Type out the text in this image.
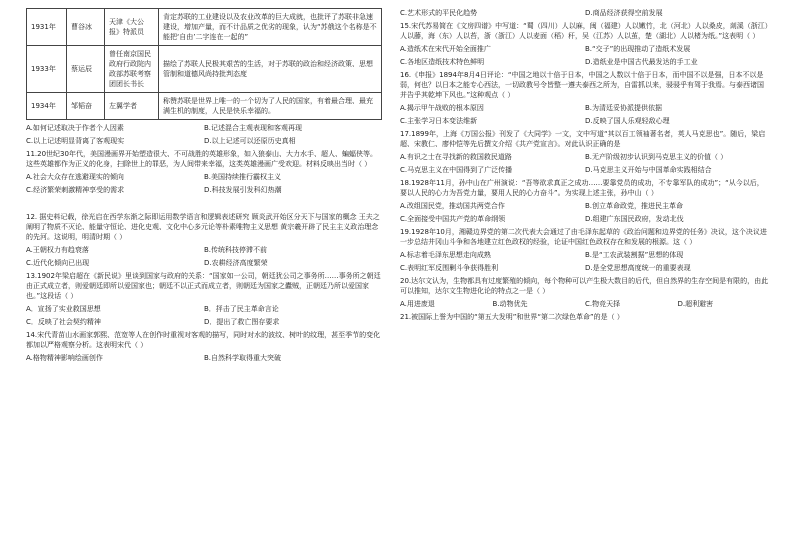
1931年	曹谷冰	天津《大公报》特派员	肯定苏联的工业建设以及农业改革的巨大成就，也批评了苏联非急速建设，增加产量，而不计品质之优劣的现象，认为“苏俄这个名称是不能把‘自由’二字连在一起的”
1933年	蔡运辰	曾任南京国民政府行政院内政部苏联考察团团长书长	描绘了苏联人民极其艰苦的生活，对于苏联的政治和经济政策、思想管制和道德风尚持批判态度
1934年	邹韬奋	左翼学者	称赞苏联是世界上唯一的一个切为了人民的国家，有着最合理、最充满生机的制度，人民是快乐幸福的。
A.如何记述取决于作者个人因素	B.记述混合主观表现和客观再现
C.以上记述明显背离了客观现实	D.以上记述可以还原历史真相
11.20世纪30年代，美国漫画界开始塑造很大、不可战胜的英雄形象，如入狼泰山、大力水手、超人、蝙蝠侠等。这些英雄都作为正义的化身，扫除世上的罪恶，为人间带来幸福，这类英雄漫画广受欢迎。材料反映出当时（ ）
A.社会大众存在逃避现实的倾向	B.美国持续推行霸权主义
C.经济繁荣刺激精神享受的需求	D.科技发展引发科幻热潮
12. 据史料记载，徐光启在西学东渐之际即运用数学语言和逻辑表述研究 顾炎武开始区分天下与国家的概念 王夫之阐明了物质不灭论、能量守恒论、进化史观、文化中心多元论等朴素唯物主义思想 黄宗羲开辟了民主主义政治理念的先河。这说明，明清时期（ ）
A.王朝权力有趋衰落	B.传统科技停滞不前
C.近代化倾向已出现	D.农耕经济高度繁荣
13.1902年梁启超在《新民说》里谈到国家与政府的关系：“国家如一公司，朝廷犹公司之事务所……事务所之朝廷由正式成立者，则爱朝廷即所以爱国家也；朝廷不以正式而成立者，则朝廷为国家之蠹贼，正朝廷乃所以爱国家也。”这段话（ ）
A．宣扬了实业救国思想	B．抨击了民主革命言论
C．反映了社会契约精神	D．提出了救亡图存要求
14.宋代青苗山水画家郭熙、范宽等人在创作时重视对客观的描写，同时对水的波纹、树叶的纹理，甚至季节的变化都加以严格观察分析。这表明宋代（ ）
A.格物精神影响绘画创作	B.自然科学取得重大突破
C.艺术形式的平民化趋势	D.商品经济获得空前发展
15.宋代苏易简在《文房四谱》中写道：“蜀（四川）人以麻，闽（福建）人以嫩竹，北（河北）人以桑皮，剡溪（浙江）人以藤，海（东）人以苔，浙（浙江）人以麦面（稻）秆，吴（江苏）人以茧，楚（湖北）人以楮为纸。”这表明（ ）
A.造纸术在宋代开始全面推广	B.“交子”的出现推动了造纸术发展
C.各地区造纸技术特色鲜明	D.造纸业是中国古代最发达的手工业
16.《申报》1894年8月4日评论：“中国之地以十倍于日本，中国之人数以十倍于日本，而中国不以是强，日本不以是弱，何也？以日本之能专心西法，一切政教号令皆整一遵夫泰西之所为，自雷抓以来，骎骎乎有驾于我焉。与泰西诸国并告乎其乾坤下风也。”这种观点（ ）
A.揭示甲午战败的根本原因	B.为清廷妥协派提供依据
C.主张学习日本变法维新	D.反映了国人乐观轻敌心理
17.1899年，上海《万国公报》刊发了《大同学》一文，文中写道“其以百工领袖著名者，英人马克思也”。随后，梁启超、宋教仁、廖仲恺等先后撰文介绍《共产党宣言》。对此认识正确的是
A.有识之士在寻找新的救国救民道路	B.无产阶级初步认识到马克思主义的价值（ ）
C.马克思主义在中国得到了广泛传播	D.马克思主义开始与中国革命实践相结合
18.1928年11月，孙中山在广州演说：“吾等欲求真正之成功……要靠党员的成功，不专靠军队的成功”；“从今以后，要以人民的心力为吾党力量，要用人民的心力奋斗”。为实现上述主张，孙中山（ ）
A.改组国民党，推动国共两党合作	B.创立革命政党，推进民主革命
C.全面接受中国共产党的革命纲领	D.组建广东国民政府，发动北伐
19.1928年10月，湘赣边界党的第二次代表大会通过了由毛泽东起草的《政治问题和边界党的任务》决议，这个决议进一步总结井冈山斗争和各地建立红色政权的经验，论证中国红色政权存在和发展的根源。这（ ）
A.标志着毛泽东思想走向成熟	B.是“工农武装割据”思想的体现
C.表明红军反围剿斗争获得胜利	D.是全党思想高度统一的重要表现
20.达尔文认为，生物都具有过度繁殖的倾向，每个物种可以产生极大数目的后代，但自然界的生存空间是有限的，由此可以推知，达尔文生物进化论的特点之一是（ ）
A.用进废退	B.动物优先	C.物竞天择	D.超利避害
21.被国际上誉为中国的“第五大发明”和世界“第二次绿色革命”的是（ ）
